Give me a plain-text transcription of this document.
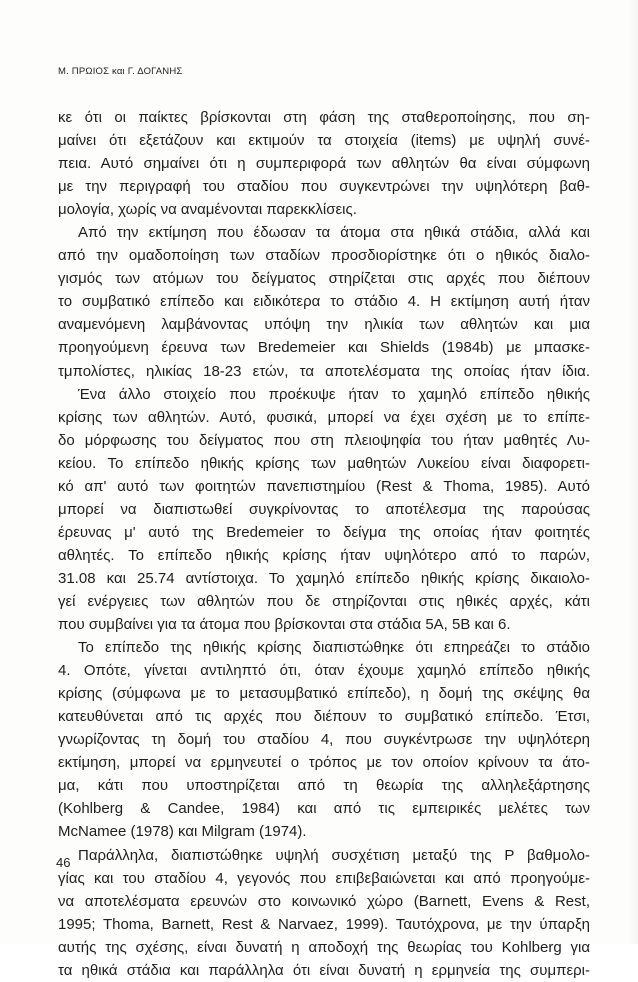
Μ. ΠΡΩΙΟΣ και Γ. ΔΟΓΑΝΗΣ
κε ότι οι παίκτες βρίσκονται στη φάση της σταθεροποίησης, που ση-
μαίνει ότι εξετάζουν και εκτιμούν τα στοιχεία (items) με υψηλή συνέ-
πεια. Αυτό σημαίνει ότι η συμπεριφορά των αθλητών θα είναι σύμφωνη
με την περιγραφή του σταδίου που συγκεντρώνει την υψηλότερη βαθ-
μολογία, χωρίς να αναμένονται παρεκκλίσεις.
Από την εκτίμηση που έδωσαν τα άτομα στα ηθικά στάδια, αλλά και
από την ομαδοποίηση των σταδίων προσδιορίστηκε ότι ο ηθικός διαλο-
γισμός των ατόμων του δείγματος στηρίζεται στις αρχές που διέπουν
το συμβατικό επίπεδο και ειδικότερα το στάδιο 4. Η εκτίμηση αυτή ήταν
αναμενόμενη λαμβάνοντας υπόψη την ηλικία των αθλητών και μια
προηγούμενη έρευνα των Bredemeier και Shields (1984b) με μπασκε-
τμπολίστες, ηλικίας 18-23 ετών, τα αποτελέσματα της οποίας ήταν ίδια.
Ένα άλλο στοιχείο που προέκυψε ήταν το χαμηλό επίπεδο ηθικής
κρίσης των αθλητών. Αυτό, φυσικά, μπορεί να έχει σχέση με το επίπε-
δο μόρφωσης του δείγματος που στη πλειοψηφία του ήταν μαθητές Λυ-
κείου. Το επίπεδο ηθικής κρίσης των μαθητών Λυκείου είναι διαφορετι-
κό απ' αυτό των φοιτητών πανεπιστημίου (Rest & Thoma, 1985). Αυτό
μπορεί να διαπιστωθεί συγκρίνοντας το αποτέλεσμα της παρούσας
έρευνας μ' αυτό της Bredemeier το δείγμα της οποίας ήταν φοιτητές
αθλητές. Το επίπεδο ηθικής κρίσης ήταν υψηλότερο από το παρών,
31.08 και 25.74 αντίστοιχα. Το χαμηλό επίπεδο ηθικής κρίσης δικαιολο-
γεί ενέργειες των αθλητών που δε στηρίζονται στις ηθικές αρχές, κάτι
που συμβαίνει για τα άτομα που βρίσκονται στα στάδια 5Α, 5Β και 6.
Το επίπεδο της ηθικής κρίσης διαπιστώθηκε ότι επηρεάζει το στάδιο
4. Οπότε, γίνεται αντιληπτό ότι, όταν έχουμε χαμηλό επίπεδο ηθικής
κρίσης (σύμφωνα με το μετασυμβατικό επίπεδο), η δομή της σκέψης θα
κατευθύνεται από τις αρχές που διέπουν το συμβατικό επίπεδο. Έτσι,
γνωρίζοντας τη δομή του σταδίου 4, που συγκέντρωσε την υψηλότερη
εκτίμηση, μπορεί να ερμηνευτεί ο τρόπος με τον οποίον κρίνουν τα άτο-
μα, κάτι που υποστηρίζεται από τη θεωρία της αλληλεξάρτησης
(Kohlberg & Candee, 1984) και από τις εμπειρικές μελέτες των
McNamee (1978) και Milgram (1974).
Παράλληλα, διαπιστώθηκε υψηλή συσχέτιση μεταξύ της P βαθμολο-
γίας και του σταδίου 4, γεγονός που επιβεβαιώνεται και από προηγούμε-
να αποτελέσματα ερευνών στο κοινωνικό χώρο (Barnett, Evens & Rest,
1995; Thoma, Barnett, Rest & Narvaez, 1999). Ταυτόχρονα, με την ύπαρξη
αυτής της σχέσης, είναι δυνατή η αποδοχή της θεωρίας του Kohlberg για
τα ηθικά στάδια και παράλληλα ότι είναι δυνατή η ερμηνεία της συμπερι-
46
